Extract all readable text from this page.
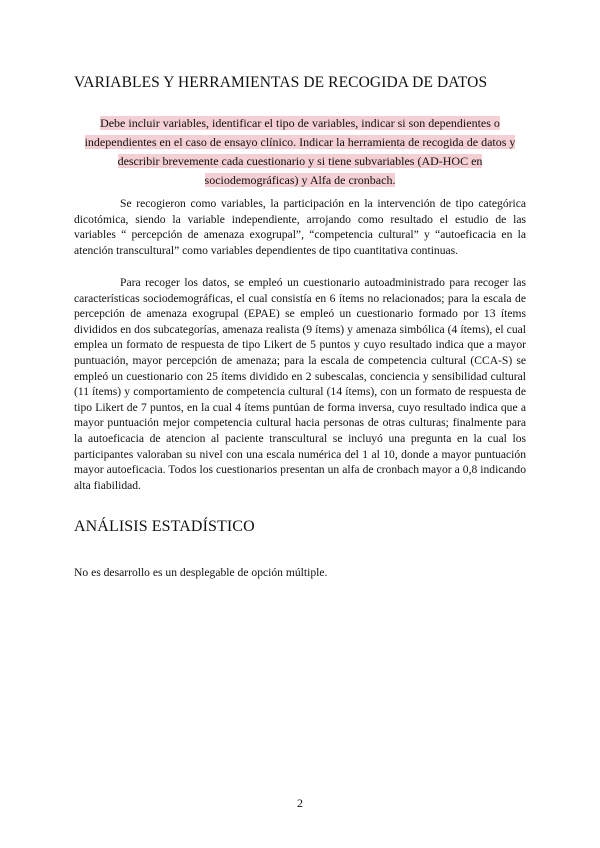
VARIABLES Y HERRAMIENTAS DE RECOGIDA DE DATOS

Debe incluir variables, identificar el tipo de variables, indicar si son dependientes o independientes en el caso de ensayo clínico. Indicar la herramienta de recogida de datos y describir brevemente cada cuestionario y si tiene subvariables (AD-HOC en sociodemográficas) y Alfa de cronbach.

Se recogieron como variables, la participación en la intervención de tipo categórica dicotómica, siendo la variable independiente, arrojando como resultado el estudio de las variables “ percepción de amenaza exogrupal”, “competencia cultural” y “autoeficacia en la atención transcultural” como variables dependientes de tipo cuantitativa continuas.

Para recoger los datos, se empleó un cuestionario autoadministrado para recoger las características sociodemográficas, el cual consistía en 6 ítems no relacionados; para la escala de percepción de amenaza exogrupal (EPAE) se empleó un cuestionario formado por 13 ítems divididos en dos subcategorías, amenaza realista (9 ítems) y amenaza simbólica (4 ítems), el cual emplea un formato de respuesta de tipo Likert de 5 puntos y cuyo resultado indica que a mayor puntuación, mayor percepción de amenaza; para la escala de competencia cultural (CCA-S) se empleó un cuestionario con 25 ítems dividido en 2 subescalas, conciencia y sensibilidad cultural (11 ítems) y comportamiento de competencia cultural (14 ítems), con un formato de respuesta de tipo Likert de 7 puntos, en la cual 4 ítems puntúan de forma inversa, cuyo resultado indica que a mayor puntuación mejor competencia cultural hacia personas de otras culturas; finalmente para la autoeficacia de atencion al paciente transcultural se incluyó una pregunta en la cual los participantes valoraban su nivel con una escala numérica del 1 al 10, donde a mayor puntuación mayor autoeficacia. Todos los cuestionarios presentan un alfa de cronbach mayor a 0,8 indicando alta fiabilidad.

ANÁLISIS ESTADÍSTICO

No es desarrollo es un desplegable de opción múltiple.

2
